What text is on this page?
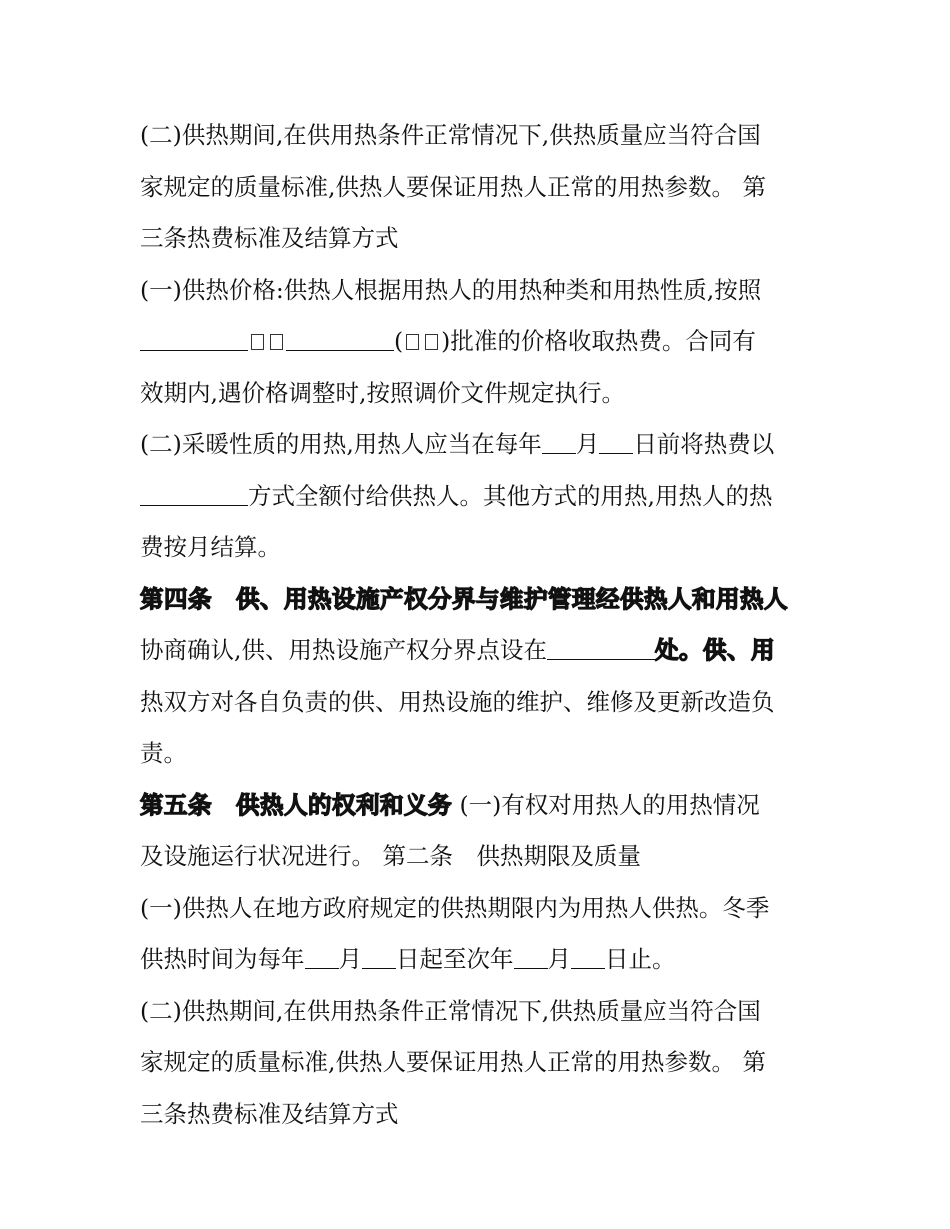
(二)供热期间,在供用热条件正常情况下,供热质量应当符合国
家规定的质量标准,供热人要保证用热人正常的用热参数。 第
三条热费标准及结算方式
(一)供热价格:供热人根据用热人的用热种类和用热性质,按照
( )批准的价格收取热费。合同有
效期内,遇价格调整时,按照调价文件规定执行。
(二)采暖性质的用热,用热人应当在每年 月 日前将热费以
方式全额付给供热人。其他方式的用热,用热人的热
费按月结算。
第四条　供、用热设施产权分界与维护管理经供热人和用热人
协商确认,供、用热设施产权分界点设在	处。供、用
热双方对各自负责的供、用热设施的维护、维修及更新改造负
责。
第五条　供热人的权利和义务 (一)有权对用热人的用热情况
及设施运行状况进行。 第二条　供热期限及质量
(一)供热人在地方政府规定的供热期限内为用热人供热。冬季
供热时间为每年 月 日起至次年 月 日止。
(二)供热期间,在供用热条件正常情况下,供热质量应当符合国
家规定的质量标准,供热人要保证用热人正常的用热参数。 第
三条热费标准及结算方式
